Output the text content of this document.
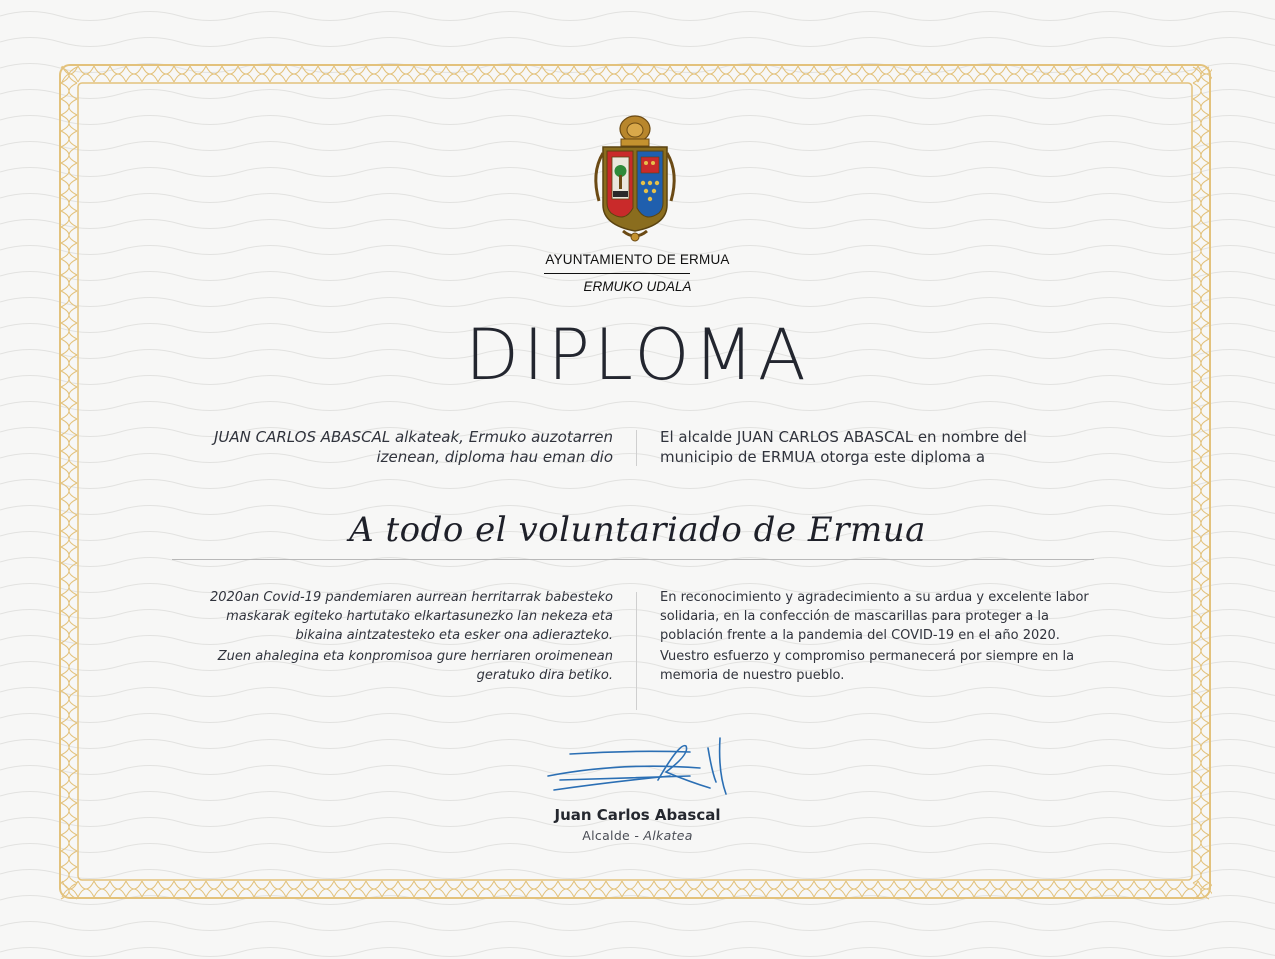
AYUNTAMIENTO DE ERMUA
ERMUKO UDALA
DIPLOMA
JUAN CARLOS ABASCAL alkateak, Ermuko auzotarren izenean, diploma hau eman dio
El alcalde JUAN CARLOS ABASCAL en nombre del municipio de ERMUA otorga este diploma a
A todo el voluntariado de Ermua

2020an Covid-19 pandemiaren aurrean herritarrak babesteko maskarak egiteko hartutako elkartasunezko lan nekeza eta bikaina aintzatesteko eta esker ona adierazteko.

Zuen ahalegina eta konpromisoa gure herriaren oroimenean geratuko dira betiko.

En reconocimiento y agradecimiento a su ardua y excelente labor solidaria, en la confección de mascarillas para proteger a la población frente a la pandemia del COVID-19 en el año 2020.

Vuestro esfuerzo y compromiso permanecerá por siempre en la memoria de nuestro pueblo.

Juan Carlos Abascal
Alcalde - Alkatea
